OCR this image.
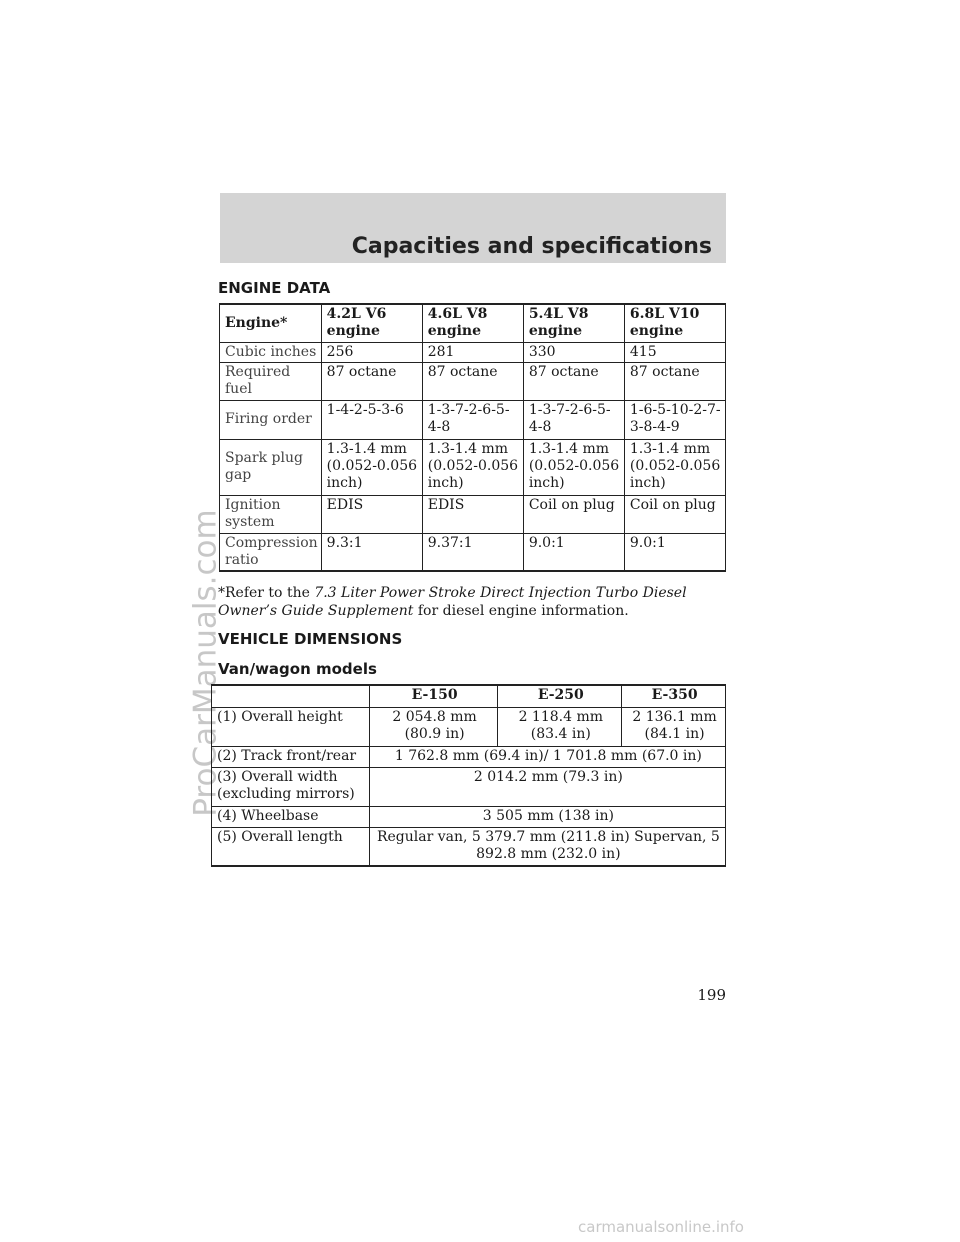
ProCarManuals.com
Capacities and specifications
ENGINE DATA
Engine*	4.2L V6 engine	4.6L V8 engine	5.4L V8 engine	6.8L V10 engine
Cubic inches	256	281	330	415
Required fuel	87 octane	87 octane	87 octane	87 octane
Firing order	1-4-2-5-3-6	1-3-7-2-6-5-4-8	1-3-7-2-6-5-4-8	1-6-5-10-2-7-3-8-4-9
Spark plug gap	1.3-1.4 mm (0.052-0.056 inch)	1.3-1.4 mm (0.052-0.056 inch)	1.3-1.4 mm (0.052-0.056 inch)	1.3-1.4 mm (0.052-0.056 inch)
Ignition system	EDIS	EDIS	Coil on plug	Coil on plug
Compression ratio	9.3:1	9.37:1	9.0:1	9.0:1
*Refer to the 7.3 Liter Power Stroke Direct Injection Turbo Diesel Owner’s Guide Supplement for diesel engine information.
VEHICLE DIMENSIONS
Van/wagon models
	E-150	E-250	E-350
(1) Overall height	2 054.8 mm (80.9 in)	2 118.4 mm (83.4 in)	2 136.1 mm (84.1 in)
(2) Track front/rear	1 762.8 mm (69.4 in)/ 1 701.8 mm (67.0 in)		
(3) Overall width (excluding mirrors)	2 014.2 mm (79.3 in)		
(4) Wheelbase	3 505 mm (138 in)		
(5) Overall length	Regular van, 5 379.7 mm (211.8 in) Supervan, 5 892.8 mm (232.0 in)		
199
carmanualsonline.info
